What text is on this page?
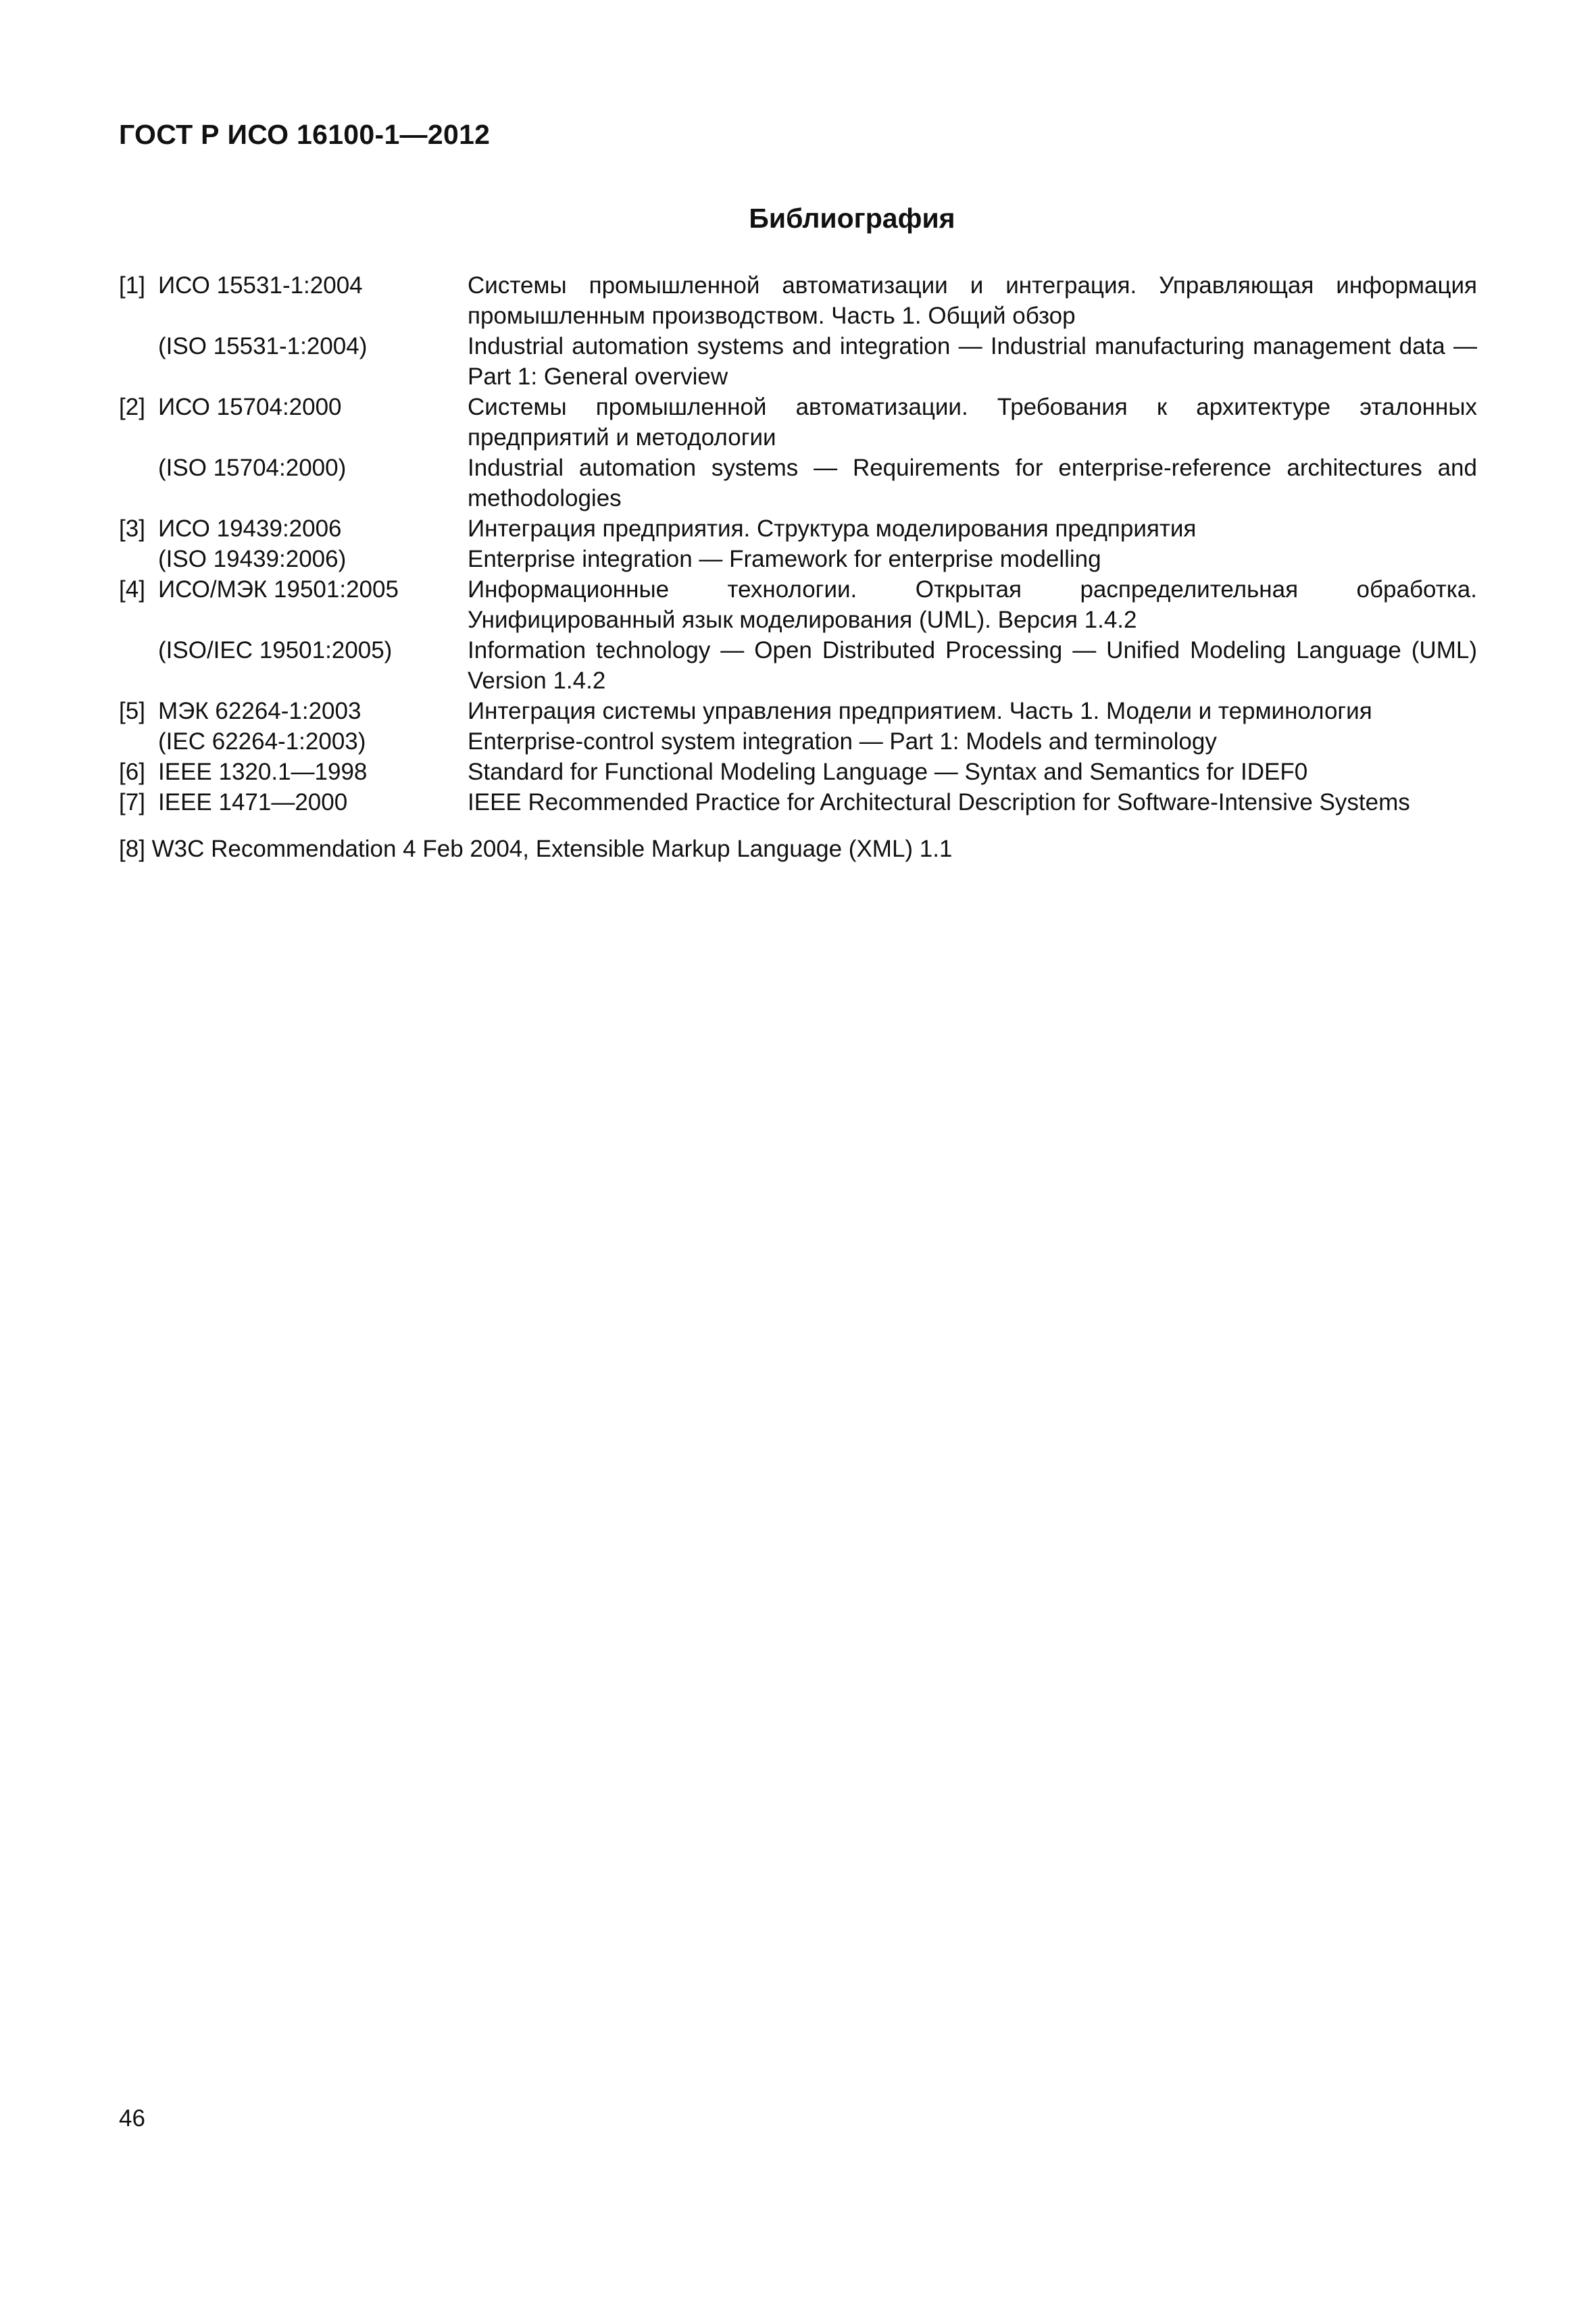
ГОСТ Р ИСО 16100-1—2012
Библиография
[1] ИСО 15531-1:2004	Системы промышленной автоматизации и интеграция. Управляющая информация промышленным производством. Часть 1. Общий обзор
(ISO 15531-1:2004)	Industrial automation systems and integration — Industrial manufacturing management data — Part 1: General overview
[2] ИСО 15704:2000	Системы промышленной автоматизации. Требования к архитектуре эталонных предприятий и методологии
(ISO 15704:2000)	Industrial automation systems — Requirements for enterprise-reference architectures and methodologies
[3] ИСО 19439:2006	Интеграция предприятия. Структура моделирования предприятия
(ISO 19439:2006)	Enterprise integration — Framework for enterprise modelling
[4] ИСО/МЭК 19501:2005	Информационные технологии. Открытая распределительная обработка. Унифицированный язык моделирования (UML). Версия 1.4.2
(ISO/IEC 19501:2005)	Information technology — Open Distributed Processing — Unified Modeling Language (UML) Version 1.4.2
[5] МЭК 62264-1:2003	Интеграция системы управления предприятием. Часть 1. Модели и терминология
(IEC 62264-1:2003)	Enterprise-control system integration — Part 1: Models and terminology
[6] IEEE 1320.1—1998	Standard for Functional Modeling Language — Syntax and Semantics for IDEF0
[7] IEEE 1471—2000	IEEE Recommended Practice for Architectural Description for Software-Intensive Systems
[8] W3C Recommendation 4 Feb 2004, Extensible Markup Language (XML) 1.1
46
